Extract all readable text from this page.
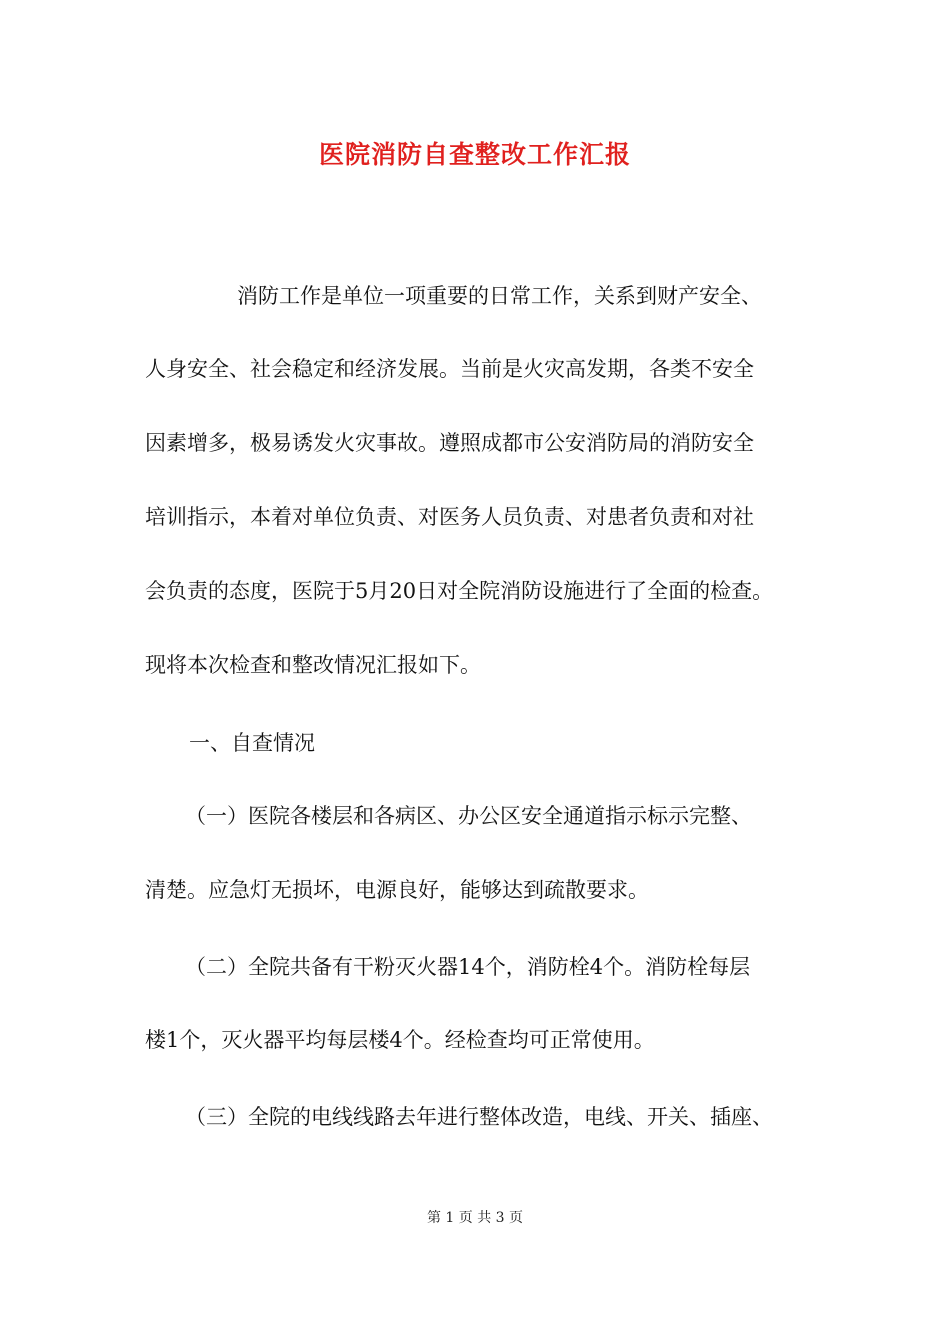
医院消防自查整改工作汇报
消防工作是单位一项重要的日常工作，关系到财产安全、
人身安全、社会稳定和经济发展。当前是火灾高发期，各类不安全
因素增多，极易诱发火灾事故。遵照成都市公安消防局的消防安全
培训指示，本着对单位负责、对医务人员负责、对患者负责和对社
会负责的态度，医院于5月20日对全院消防设施进行了全面的检查。
现将本次检查和整改情况汇报如下。
一、自查情况
（一）医院各楼层和各病区、办公区安全通道指示标示完整、
清楚。应急灯无损坏，电源良好，能够达到疏散要求。
（二）全院共备有干粉灭火器14个，消防栓4个。消防栓每层
楼1个，灭火器平均每层楼4个。经检查均可正常使用。
（三）全院的电线线路去年进行整体改造，电线、开关、插座、
第 1 页 共 3 页
